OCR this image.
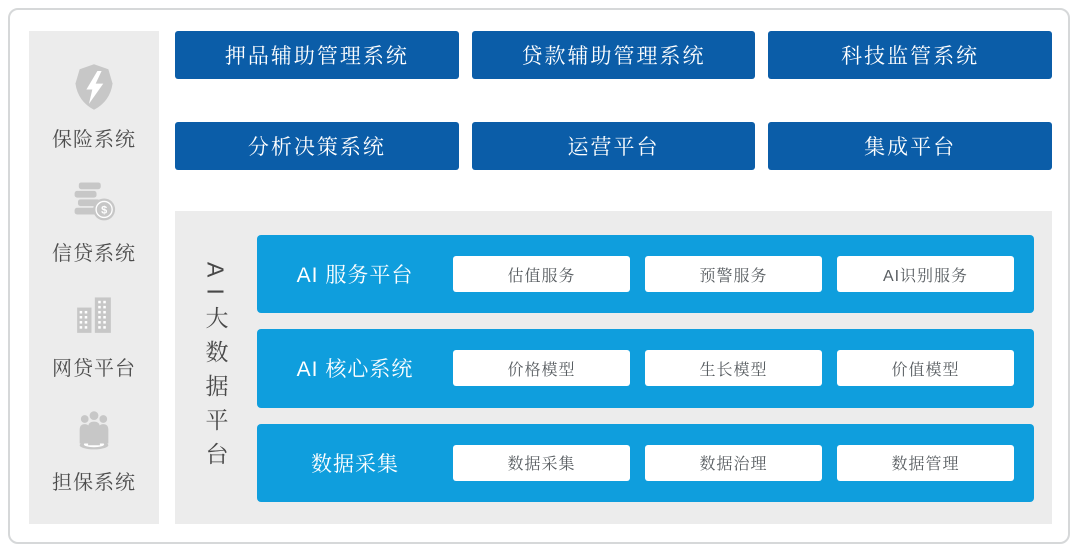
保险系统
$
信贷系统
网贷平台
担保系统
押品辅助管理系统	贷款辅助管理系统	科技监管系统
分析决策系统	运营平台	集成平台
AI大数据平台	AI 服务平台	估值服务	预警服务	AI识别服务
AI 核心系统	价格模型	生长模型	价值模型
数据采集	数据采集	数据治理	数据管理
